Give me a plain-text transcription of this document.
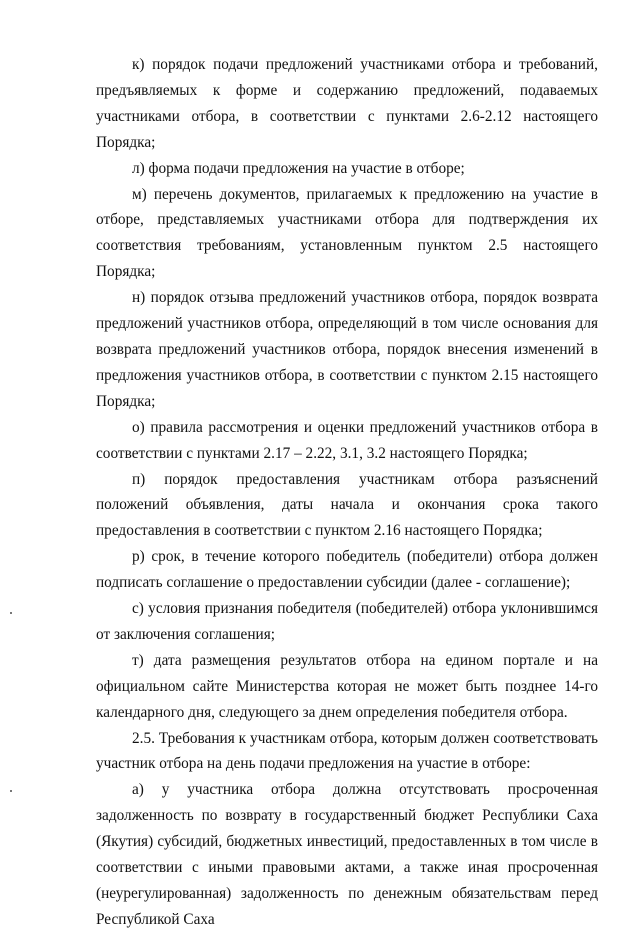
к) порядок подачи предложений участниками отбора и требований, предъявляемых к форме и содержанию предложений, подаваемых участниками отбора, в соответствии с пунктами 2.6-2.12 настоящего Порядка;

л) форма подачи предложения на участие в отборе;

м) перечень документов, прилагаемых к предложению на участие в отборе, представляемых участниками отбора для подтверждения их соответствия требованиям, установленным пунктом 2.5 настоящего Порядка;

н) порядок отзыва предложений участников отбора, порядок возврата предложений участников отбора, определяющий в том числе основания для возврата предложений участников отбора, порядок внесения изменений в предложения участников отбора, в соответствии с пунктом 2.15 настоящего Порядка;

о) правила рассмотрения и оценки предложений участников отбора в соответствии с пунктами 2.17 – 2.22, 3.1, 3.2 настоящего Порядка;

п) порядок предоставления участникам отбора разъяснений положений объявления, даты начала и окончания срока такого предоставления в соответствии с пунктом 2.16 настоящего Порядка;

р) срок, в течение которого победитель (победители) отбора должен подписать соглашение о предоставлении субсидии (далее - соглашение);

с) условия признания победителя (победителей) отбора уклонившимся от заключения соглашения;

т) дата размещения результатов отбора на едином портале и на официальном сайте Министерства которая не может быть позднее 14-го календарного дня, следующего за днем определения победителя отбора.

2.5. Требования к участникам отбора, которым должен соответствовать участник отбора на день подачи предложения на участие в отборе:

а) у участника отбора должна отсутствовать просроченная задолженность по возврату в государственный бюджет Республики Саха (Якутия) субсидий, бюджетных инвестиций, предоставленных в том числе в соответствии с иными правовыми актами, а также иная просроченная (неурегулированная) задолженность по денежным обязательствам перед Республикой Саха
